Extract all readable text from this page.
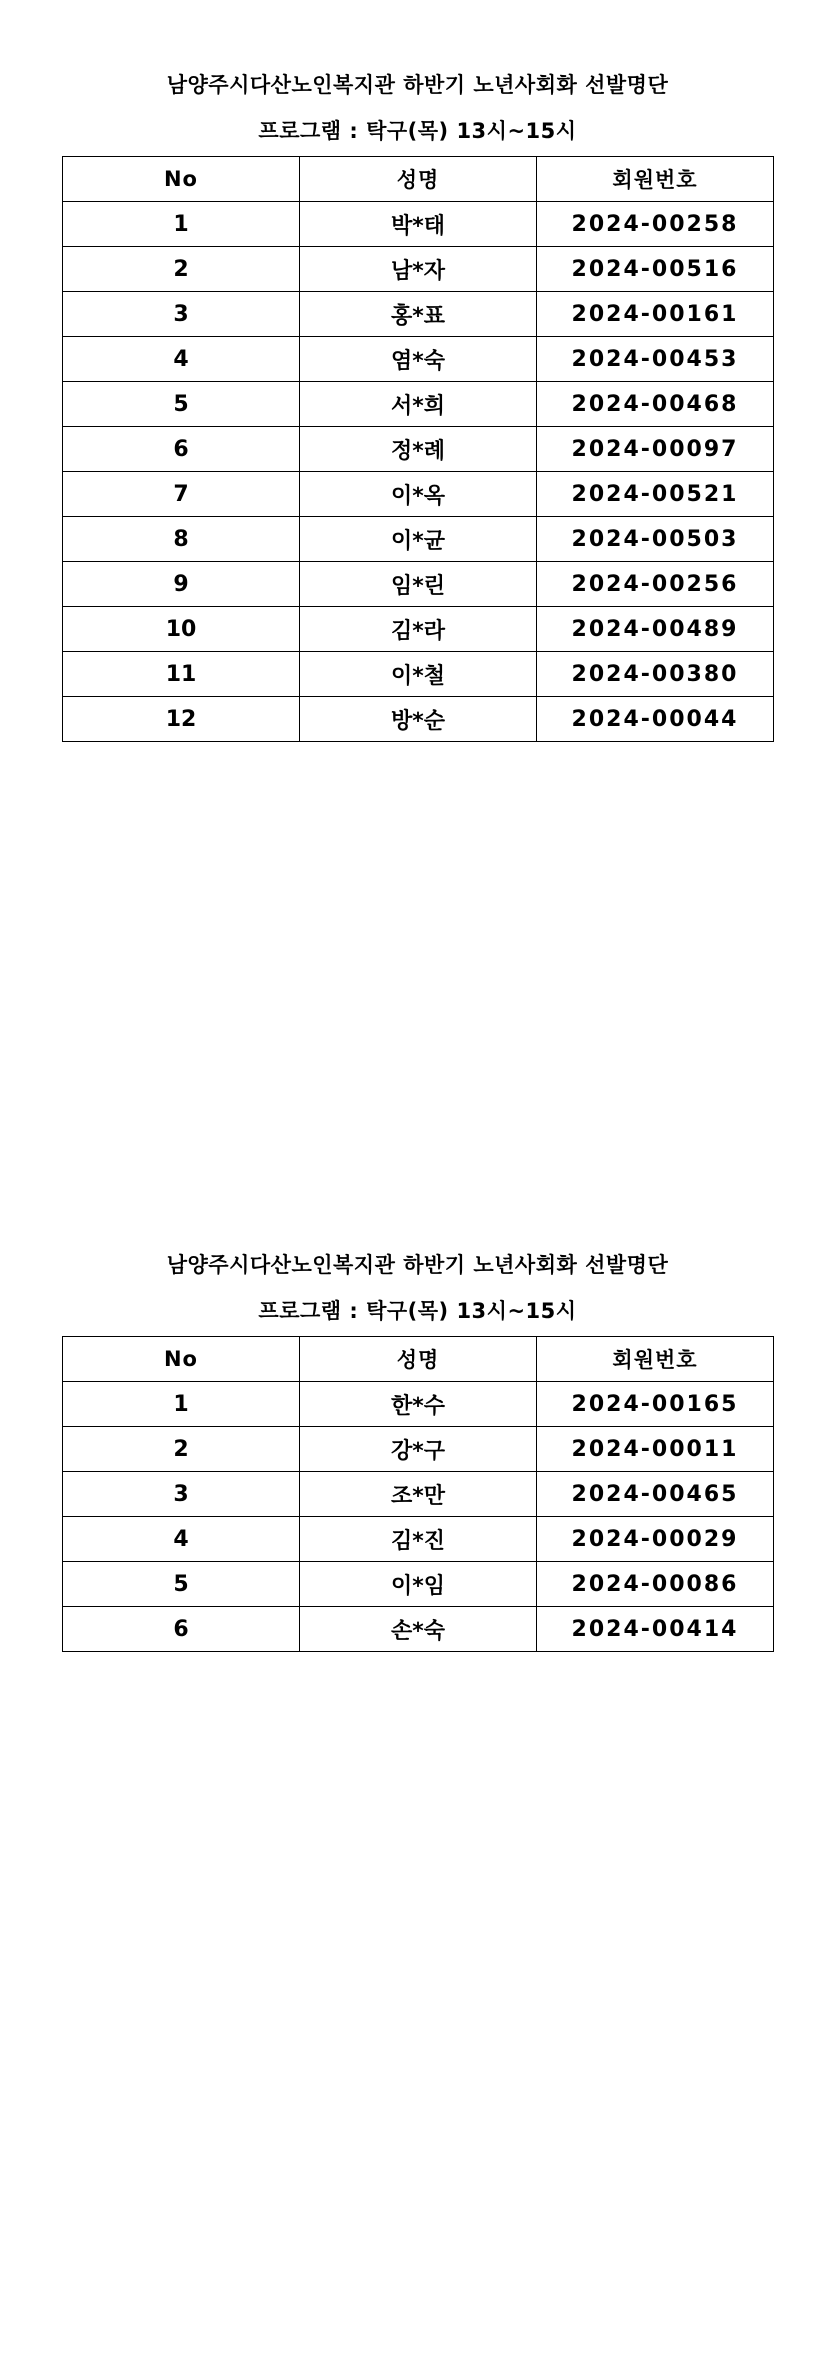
남양주시다산노인복지관 하반기 노년사회화 선발명단
프로그램 : 탁구(목) 13시~15시
No	성명	회원번호
1	박*태	2024-00258
2	남*자	2024-00516
3	홍*표	2024-00161
4	염*숙	2024-00453
5	서*희	2024-00468
6	정*례	2024-00097
7	이*옥	2024-00521
8	이*균	2024-00503
9	임*린	2024-00256
10	김*라	2024-00489
11	이*철	2024-00380
12	방*순	2024-00044
남양주시다산노인복지관 하반기 노년사회화 선발명단
프로그램 : 탁구(목) 13시~15시
No	성명	회원번호
1	한*수	2024-00165
2	강*구	2024-00011
3	조*만	2024-00465
4	김*진	2024-00029
5	이*임	2024-00086
6	손*숙	2024-00414
